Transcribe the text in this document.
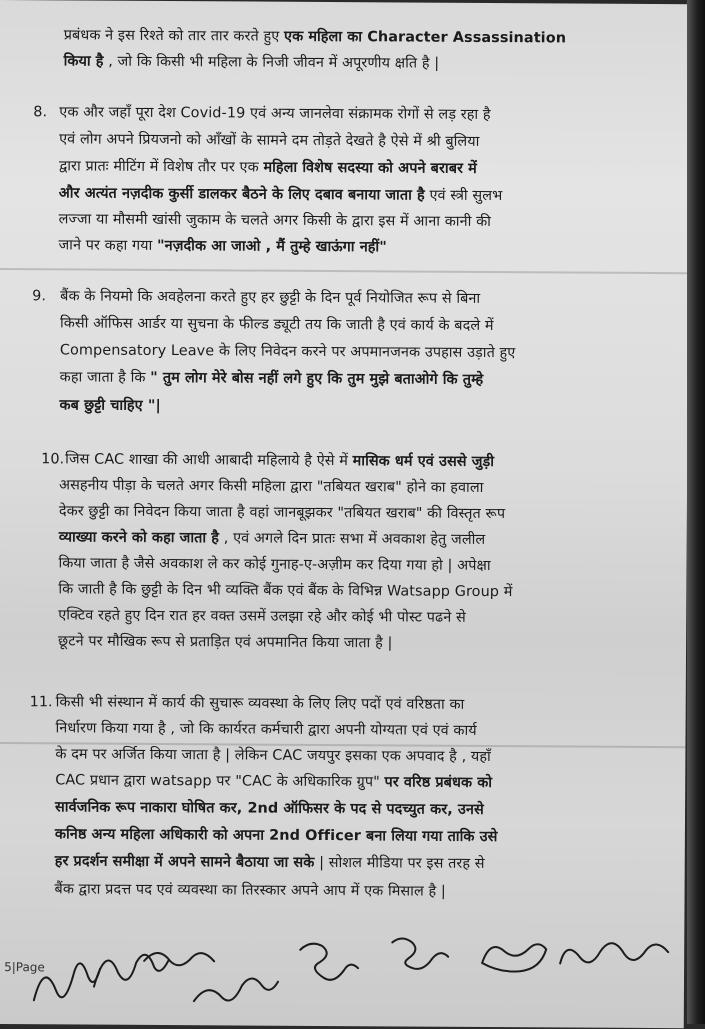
प्रबंधक ने इस रिश्ते को तार तार करते हुए एक महिला का Character Assassination
किया है , जो कि किसी भी महिला के निजी जीवन में अपूरणीय क्षति है |
8. एक और जहाँ पूरा देश Covid-19 एवं अन्य जानलेवा संक्रामक रोगों से लड़ रहा है
एवं लोग अपने प्रियजनो को आँखों के सामने दम तोड़ते देखते है ऐसे में श्री बुलिया
द्वारा प्रातः मीटिंग में विशेष तौर पर एक महिला विशेष सदस्या को अपने बराबर में
और अत्यंत नज़दीक कुर्सी डालकर बैठने के लिए दबाव बनाया जाता है एवं स्त्री सुलभ
लज्जा या मौसमी खांसी जुकाम के चलते अगर किसी के द्वारा इस में आना कानी की
जाने पर कहा गया "नज़दीक आ जाओ , मैं तुम्हे खाऊंगा नहीं"
9. बैंक के नियमो कि अवहेलना करते हुए हर छुट्टी के दिन पूर्व नियोजित रूप से बिना
किसी ऑफिस आर्डर या सुचना के फील्ड ड्यूटी तय कि जाती है एवं कार्य के बदले में
Compensatory Leave के लिए निवेदन करने पर अपमानजनक उपहास उड़ाते हुए
कहा जाता है कि " तुम लोग मेरे बोस नहीं लगे हुए कि तुम मुझे बताओगे कि तुम्हे
कब छुट्टी चाहिए "|
10. जिस CAC शाखा की आधी आबादी महिलाये है ऐसे में मासिक धर्म एवं उससे जुड़ी
असहनीय पीड़ा के चलते अगर किसी महिला द्वारा "तबियत खराब" होने का हवाला
देकर छुट्टी का निवेदन किया जाता है वहां जानबूझकर "तबियत खराब" की विस्तृत रूप
व्याख्या करने को कहा जाता है , एवं अगले दिन प्रातः सभा में अवकाश हेतु जलील
किया जाता है जैसे अवकाश ले कर कोई गुनाह-ए-अज़ीम कर दिया गया हो | अपेक्षा
कि जाती है कि छुट्टी के दिन भी व्यक्ति बैंक एवं बैंक के विभिन्न Watsapp Group में
एक्टिव रहते हुए दिन रात हर वक्त उसमें उलझा रहे और कोई भी पोस्ट पढने से
छूटने पर मौखिक रूप से प्रताड़ित एवं अपमानित किया जाता है |
11. किसी भी संस्थान में कार्य की सुचारू व्यवस्था के लिए लिए पदों एवं वरिष्ठता का
निर्धारण किया गया है , जो कि कार्यरत कर्मचारी द्वारा अपनी योग्यता एवं एवं कार्य
के दम पर अर्जित किया जाता है | लेकिन CAC जयपुर इसका एक अपवाद है , यहाँ
CAC प्रधान द्वारा watsapp पर "CAC के अधिकारिक ग्रुप" पर वरिष्ठ प्रबंधक को
सार्वजनिक रूप नाकारा घोषित कर, 2nd ऑफिसर के पद से पदच्युत कर, उनसे
कनिष्ठ अन्य महिला अधिकारी को अपना 2nd Officer बना लिया गया ताकि उसे
हर प्रदर्शन समीक्षा में अपने सामने बैठाया जा सके | सोशल मीडिया पर इस तरह से
बैंक द्वारा प्रदत्त पद एवं व्यवस्था का तिरस्कार अपने आप में एक मिसाल है |
5|Page
